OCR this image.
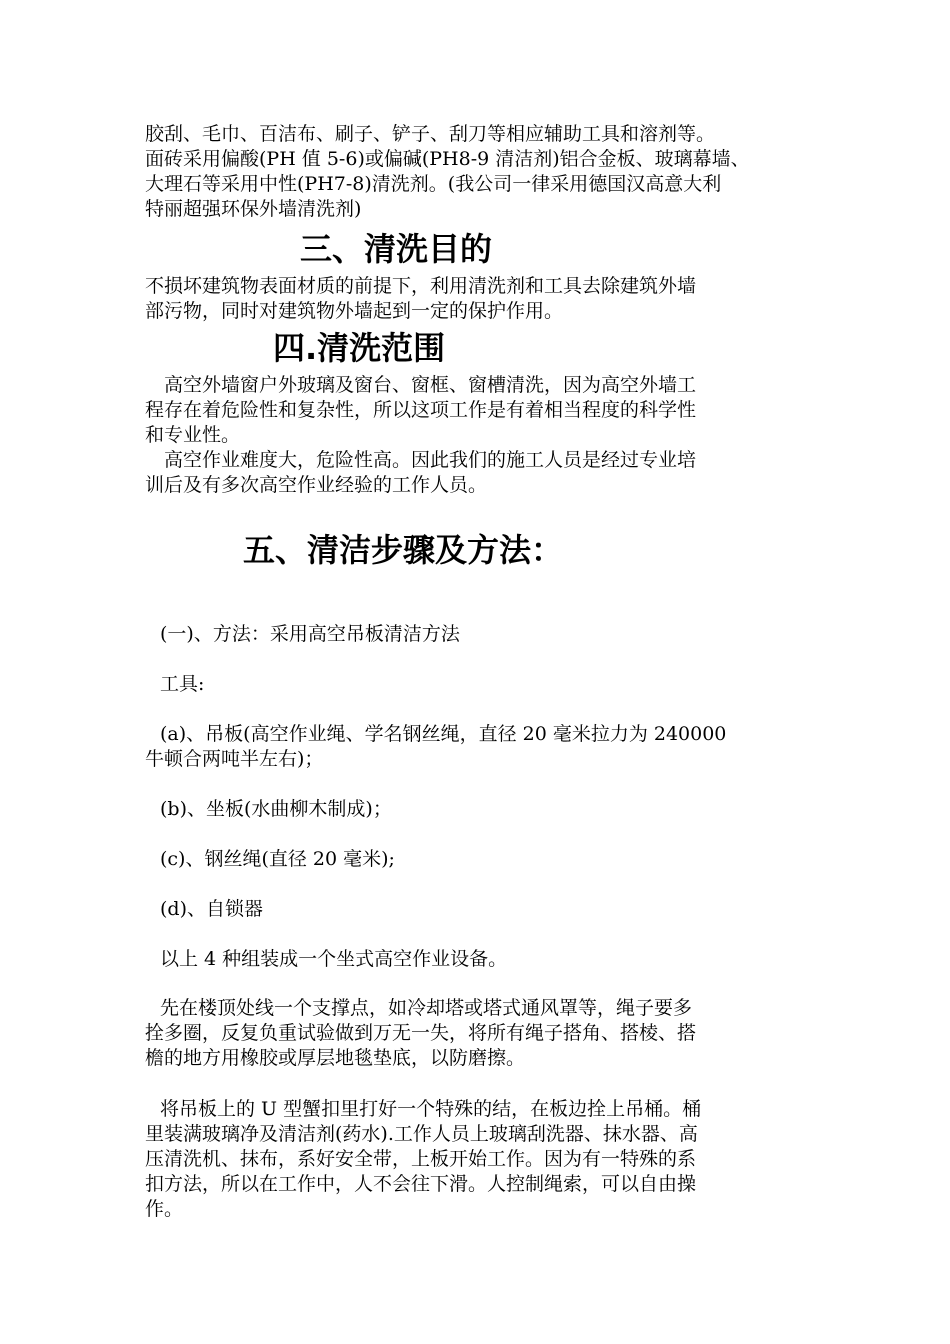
胶刮、毛巾、百洁布、刷子、铲子、刮刀等相应辅助工具和溶剂等。
面砖采用偏酸(PH 值 5-6)或偏碱(PH8-9 清洁剂)铝合金板、玻璃幕墙、
大理石等采用中性(PH7-8)清洗剂。(我公司一律采用德国汉高意大利
特丽超强环保外墙清洗剂)
三、清洗目的
不损坏建筑物表面材质的前提下，利用清洗剂和工具去除建筑外墙
部污物，同时对建筑物外墙起到一定的保护作用。
四.清洗范围
　高空外墙窗户外玻璃及窗台、窗框、窗槽清洗，因为高空外墙工
程存在着危险性和复杂性，所以这项工作是有着相当程度的科学性
和专业性。
　高空作业难度大，危险性高。因此我们的施工人员是经过专业培
训后及有多次高空作业经验的工作人员。
五、清洁步骤及方法：
(一)、方法：采用高空吊板清洁方法
工具:
(a)、吊板(高空作业绳、学名钢丝绳，直径 20 毫米拉力为 240000
牛顿合两吨半左右)；
(b)、坐板(水曲柳木制成)；
(c)、钢丝绳(直径 20 毫米);
(d)、自锁器
以上 4 种组装成一个坐式高空作业设备。
先在楼顶处线一个支撑点，如冷却塔或塔式通风罩等，绳子要多
拴多圈，反复负重试验做到万无一失，将所有绳子搭角、搭棱、搭
檐的地方用橡胶或厚层地毯垫底，以防磨擦。
将吊板上的 U 型蟹扣里打好一个特殊的结，在板边拴上吊桶。桶
里装满玻璃净及清洁剂(药水).工作人员上玻璃刮洗器、抹水器、高
压清洗机、抹布，系好安全带，上板开始工作。因为有一特殊的系
扣方法，所以在工作中，人不会往下滑。人控制绳索，可以自由操
作。
